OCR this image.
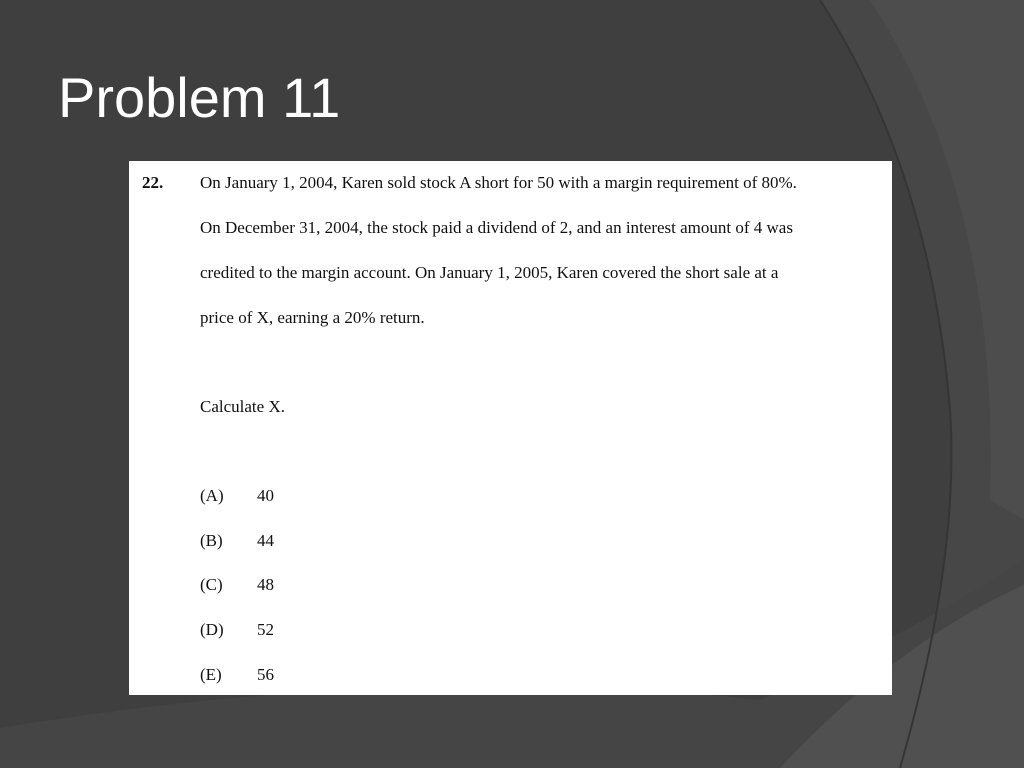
Problem 11
22. On January 1, 2004, Karen sold stock A short for 50 with a margin requirement of 80%.
On December 31, 2004, the stock paid a dividend of 2, and an interest amount of 4 was
credited to the margin account. On January 1, 2005, Karen covered the short sale at a
price of X, earning a 20% return.
Calculate X.
(A) 40
(B) 44
(C) 48
(D) 52
(E) 56
